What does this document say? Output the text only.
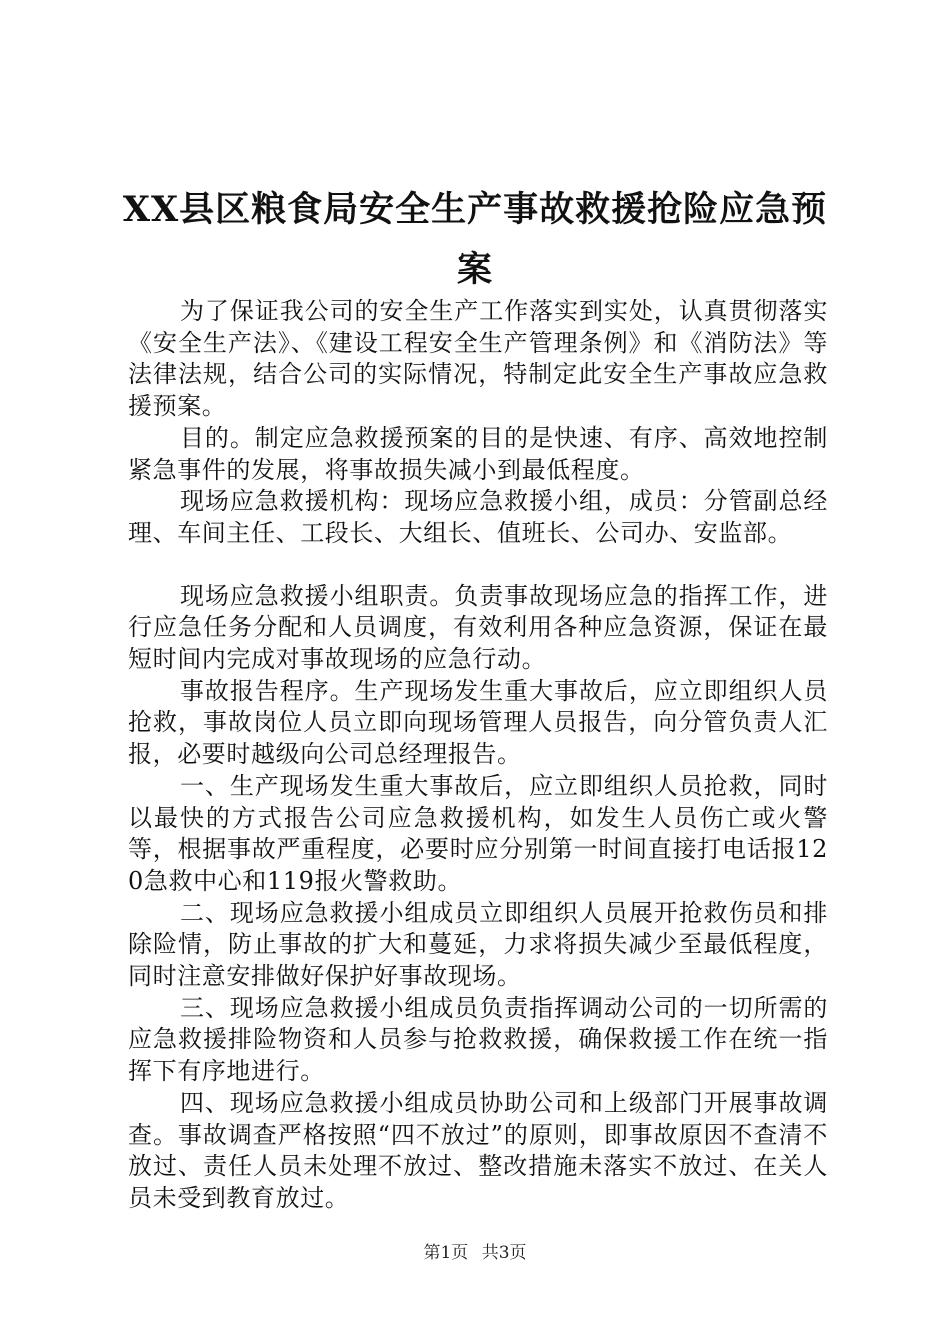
XX县区粮食局安全生产事故救援抢险应急预
案

为了保证我公司的安全生产工作落实到实处，认真贯彻落实《安全生产法》、《建设工程安全生产管理条例》和《消防法》等法律法规，结合公司的实际情况，特制定此安全生产事故应急救援预案。

目的。制定应急救援预案的目的是快速、有序、高效地控制紧急事件的发展，将事故损失减小到最低程度。

现场应急救援机构：现场应急救援小组，成员：分管副总经理、车间主任、工段长、大组长、值班长、公司办、安监部。

现场应急救援小组职责。负责事故现场应急的指挥工作，进行应急任务分配和人员调度，有效利用各种应急资源，保证在最短时间内完成对事故现场的应急行动。

事故报告程序。生产现场发生重大事故后，应立即组织人员抢救，事故岗位人员立即向现场管理人员报告，向分管负责人汇报，必要时越级向公司总经理报告。

一、生产现场发生重大事故后，应立即组织人员抢救，同时以最快的方式报告公司应急救援机构，如发生人员伤亡或火警等，根据事故严重程度，必要时应分别第一时间直接打电话报120急救中心和119报火警救助。

二、现场应急救援小组成员立即组织人员展开抢救伤员和排除险情，防止事故的扩大和蔓延，力求将损失减少至最低程度，同时注意安排做好保护好事故现场。

三、现场应急救援小组成员负责指挥调动公司的一切所需的应急救援排险物资和人员参与抢救救援，确保救援工作在统一指挥下有序地进行。

四、现场应急救援小组成员协助公司和上级部门开展事故调查。事故调查严格按照“四不放过”的原则，即事故原因不查清不放过、责任人员未处理不放过、整改措施未落实不放过、在关人员未受到教育放过。

第1页 共3页
